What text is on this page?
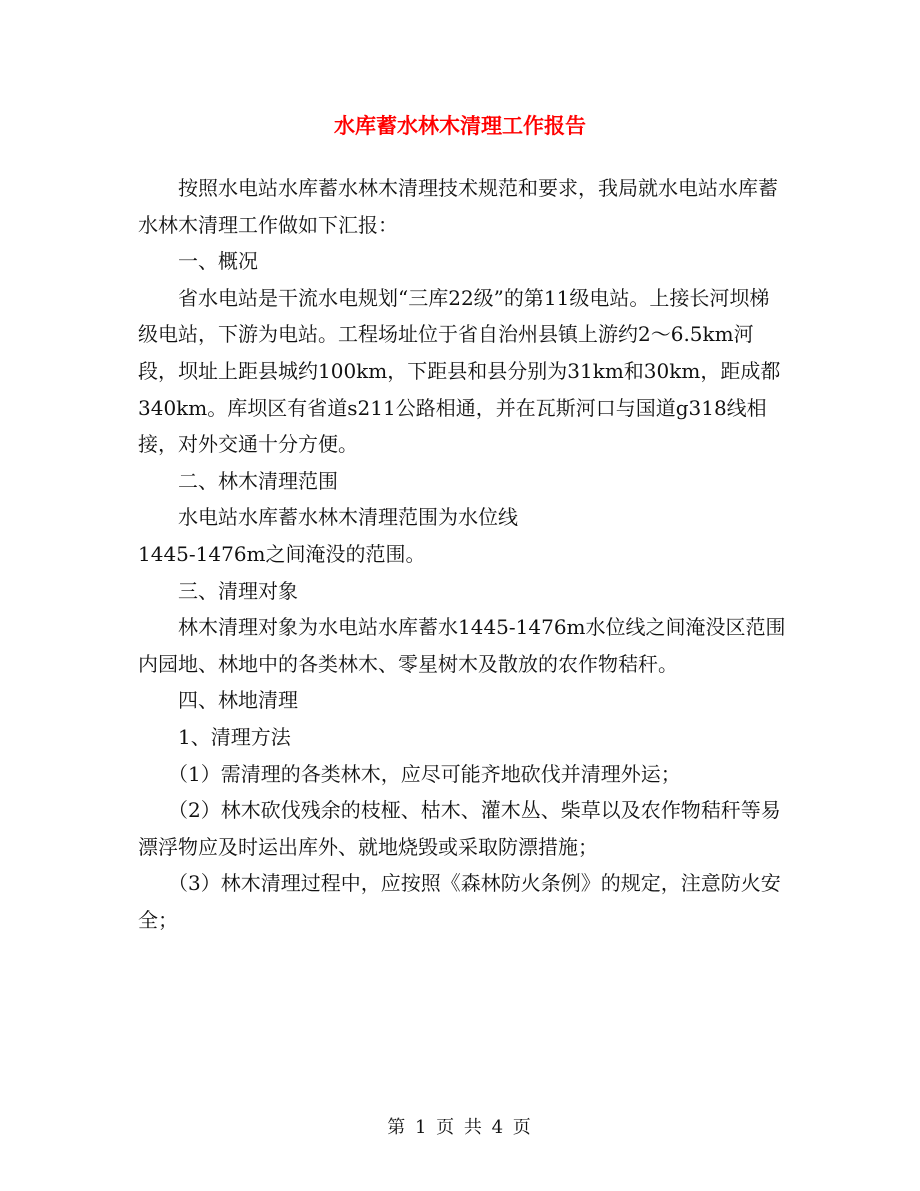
水库蓄水林木清理工作报告

按照水电站水库蓄水林木清理技术规范和要求，我局就水电站水库蓄水林木清理工作做如下汇报：

一、概况

省水电站是干流水电规划“三库22级”的第11级电站。上接长河坝梯级电站，下游为电站。工程场址位于省自治州县镇上游约2～6.5km河段，坝址上距县城约100km，下距县和县分别为31km和30km，距成都340km。库坝区有省道s211公路相通，并在瓦斯河口与国道g318线相接，对外交通十分方便。

二、林木清理范围

水电站水库蓄水林木清理范围为水位线1445-1476m之间淹没的范围。

三、清理对象

林木清理对象为水电站水库蓄水1445-1476m水位线之间淹没区范围内园地、林地中的各类林木、零星树木及散放的农作物秸秆。

四、林地清理

1、清理方法

（1）需清理的各类林木，应尽可能齐地砍伐并清理外运；

（2）林木砍伐残余的枝桠、枯木、灌木丛、柴草以及农作物秸秆等易漂浮物应及时运出库外、就地烧毁或采取防漂措施；

（3）林木清理过程中，应按照《森林防火条例》的规定，注意防火安全；

第 1 页 共 4 页
